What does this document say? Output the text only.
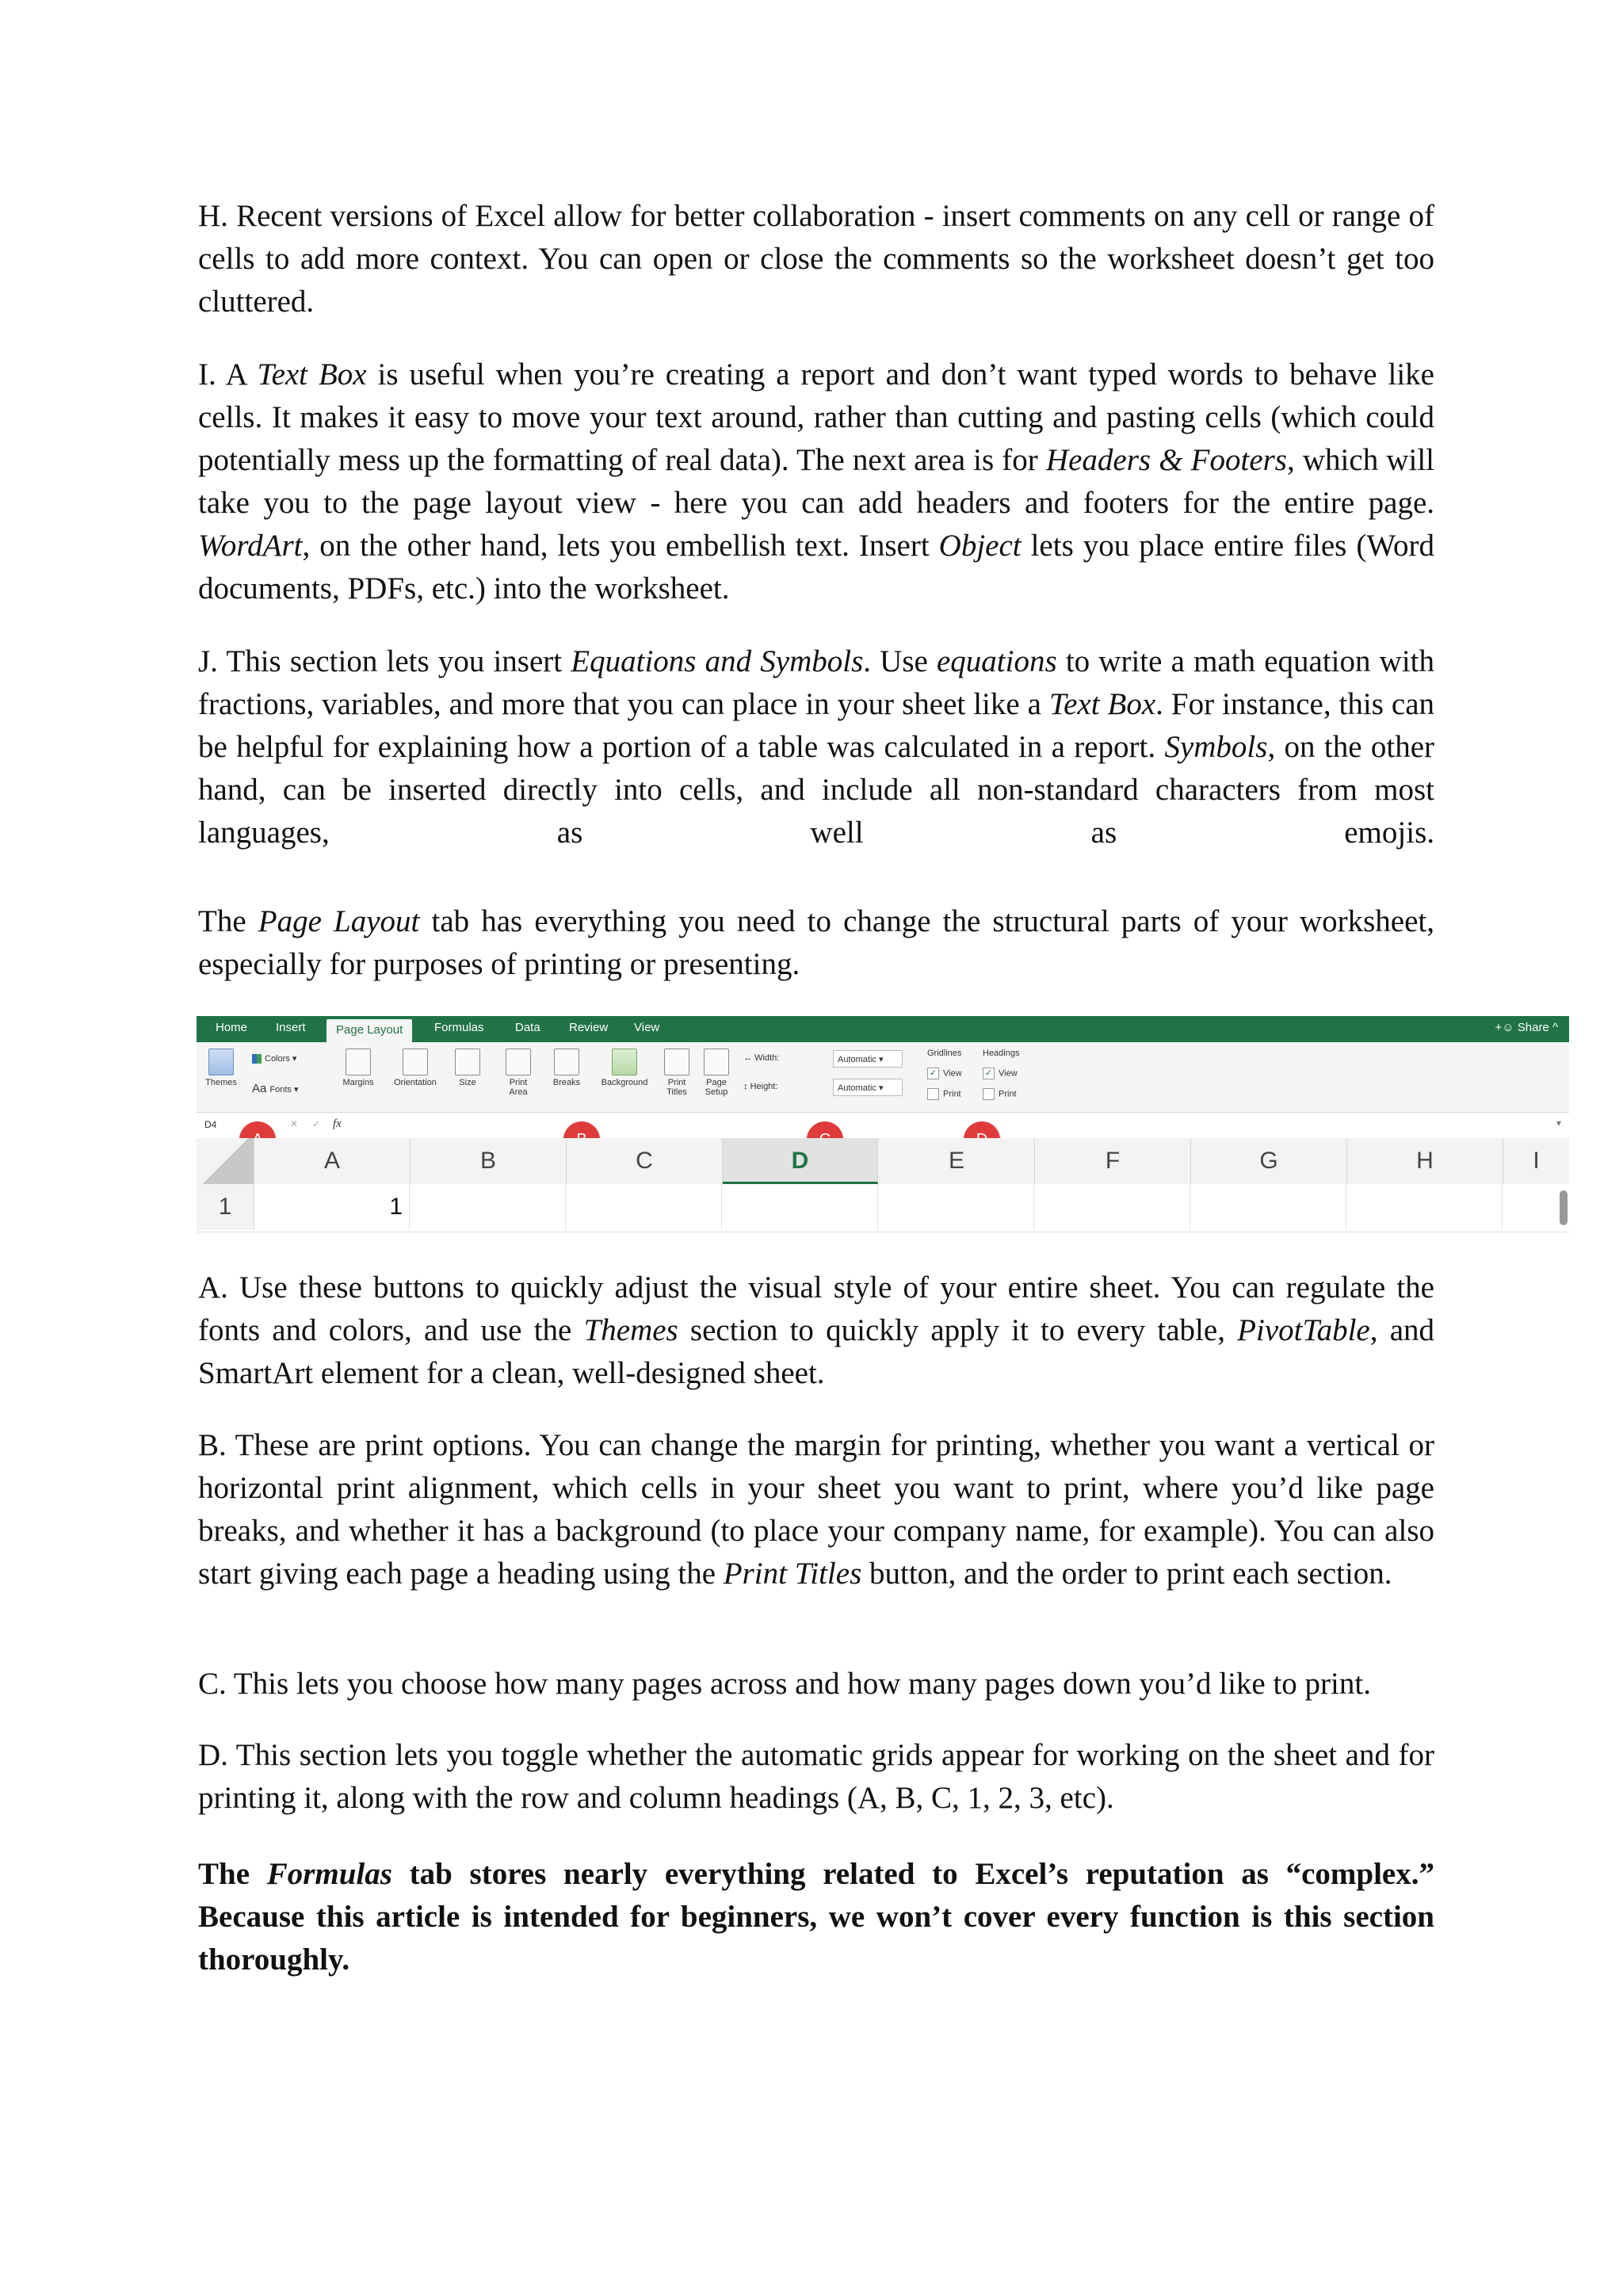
H. Recent versions of Excel allow for better collaboration - insert comments on any cell or range of cells to add more context. You can open or close the comments so the worksheet doesn’t get too cluttered.

I. A Text Box is useful when you’re creating a report and don’t want typed words to behave like cells. It makes it easy to move your text around, rather than cutting and pasting cells (which could potentially mess up the formatting of real data). The next area is for Headers & Footers, which will take you to the page layout view - here you can add headers and footers for the entire page. WordArt, on the other hand, lets you embellish text. Insert Object lets you place entire files (Word documents, PDFs, etc.) into the worksheet.

J. This section lets you insert Equations and Symbols. Use equations to write a math equation with fractions, variables, and more that you can place in your sheet like a Text Box. For instance, this can be helpful for explaining how a portion of a table was calculated in a report. Symbols, on the other hand, can be inserted directly into cells, and include all non-standard characters from most languages, as well as emojis.

The Page Layout tab has everything you need to change the structural parts of your worksheet, especially for purposes of printing or presenting.

Home Insert	Page Layout	Formulas	Data Review View	+☺ Share ^
Themes
Colors ▾
Aa Fonts ▾
Margins	Orientation	Size	Print Area
Breaks	Background	Print Titles
Page Setup
↔ Width:
↕ Height:
Automatic ▾
Automatic ▾
Gridlines Headings
✓ View	✓ View
Print	Print
D4	✕ ✓ fx	▾
A	B	C	D	E	F	G	H	I
1	1

A. Use these buttons to quickly adjust the visual style of your entire sheet. You can regulate the fonts and colors, and use the Themes section to quickly apply it to every table, PivotTable, and SmartArt element for a clean, well-designed sheet.

B. These are print options. You can change the margin for printing, whether you want a vertical or horizontal print alignment, which cells in your sheet you want to print, where you’d like page breaks, and whether it has a background (to place your company name, for example). You can also start giving each page a heading using the Print Titles button, and the order to print each section.

C. This lets you choose how many pages across and how many pages down you’d like to print.

D. This section lets you toggle whether the automatic grids appear for working on the sheet and for printing it, along with the row and column headings (A, B, C, 1, 2, 3, etc).

The Formulas tab stores nearly everything related to Excel’s reputation as “complex.” Because this article is intended for beginners, we won’t cover every function is this section thoroughly.
